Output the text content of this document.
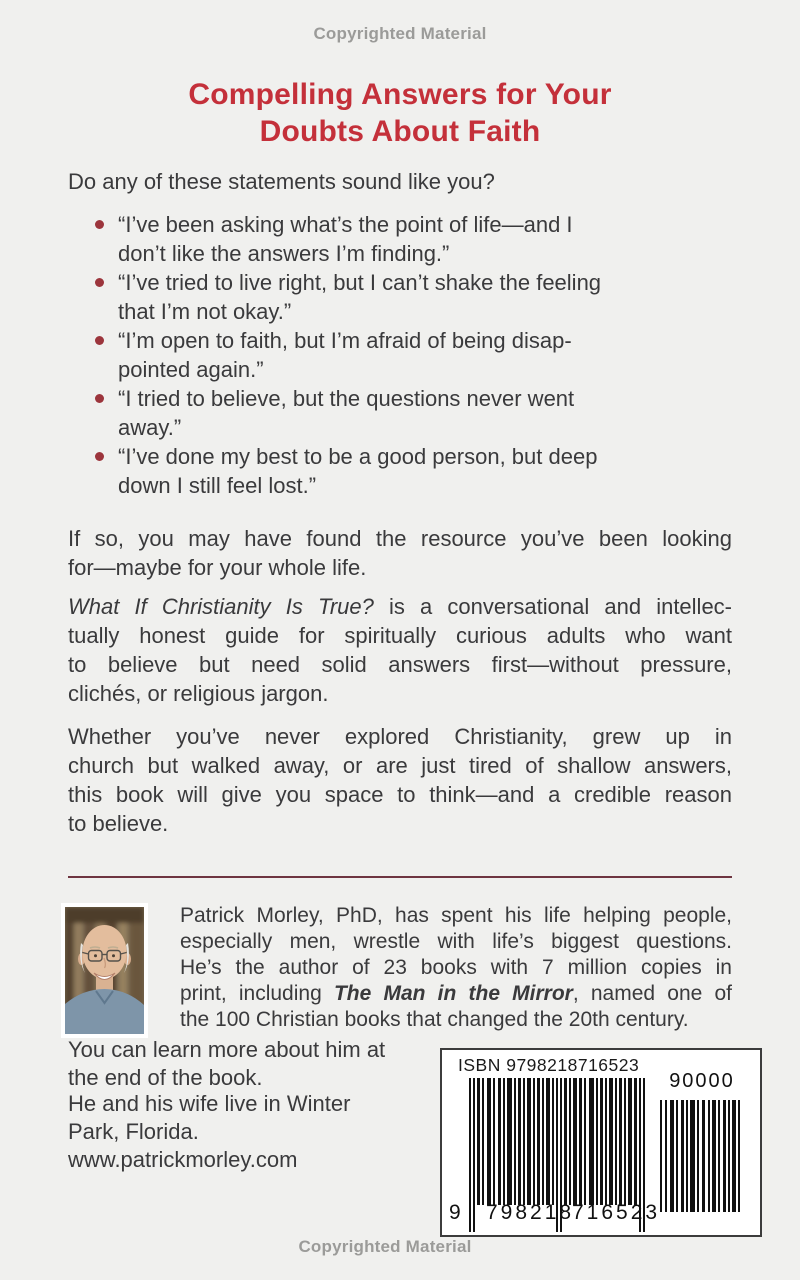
Copyrighted Material
Compelling Answers for Your
Doubts About Faith
Do any of these statements sound like you?
“I’ve been asking what’s the point of life—and I
don’t like the answers I’m finding.”
“I’ve tried to live right, but I can’t shake the feeling
that I’m not okay.”
“I’m open to faith, but I’m afraid of being disap-
pointed again.”
“I tried to believe, but the questions never went
away.”
“I’ve done my best to be a good person, but deep
down I still feel lost.”
If so, you may have found the resource you’ve been looking
for—maybe for your whole life.
What If Christianity Is True? is a conversational and intellec-
tually honest guide for spiritually curious adults who want
to believe but need solid answers first—without pressure,
clichés, or religious jargon.
Whether you’ve never explored Christianity, grew up in
church but walked away, or are just tired of shallow answers,
this book will give you space to think—and a credible reason
to believe.
Patrick Morley, PhD, has spent his life helping people,
especially men, wrestle with life’s biggest questions.
He’s the author of 23 books with 7 million copies in
print, including The Man in the Mirror, named one of
the 100 Christian books that changed the 20th century.
You can learn more about him at
the end of the book.
He and his wife live in Winter
Park, Florida.
www.patrickmorley.com
ISBN 9798218716523
9 798218
716523
90000
Copyrighted Material
